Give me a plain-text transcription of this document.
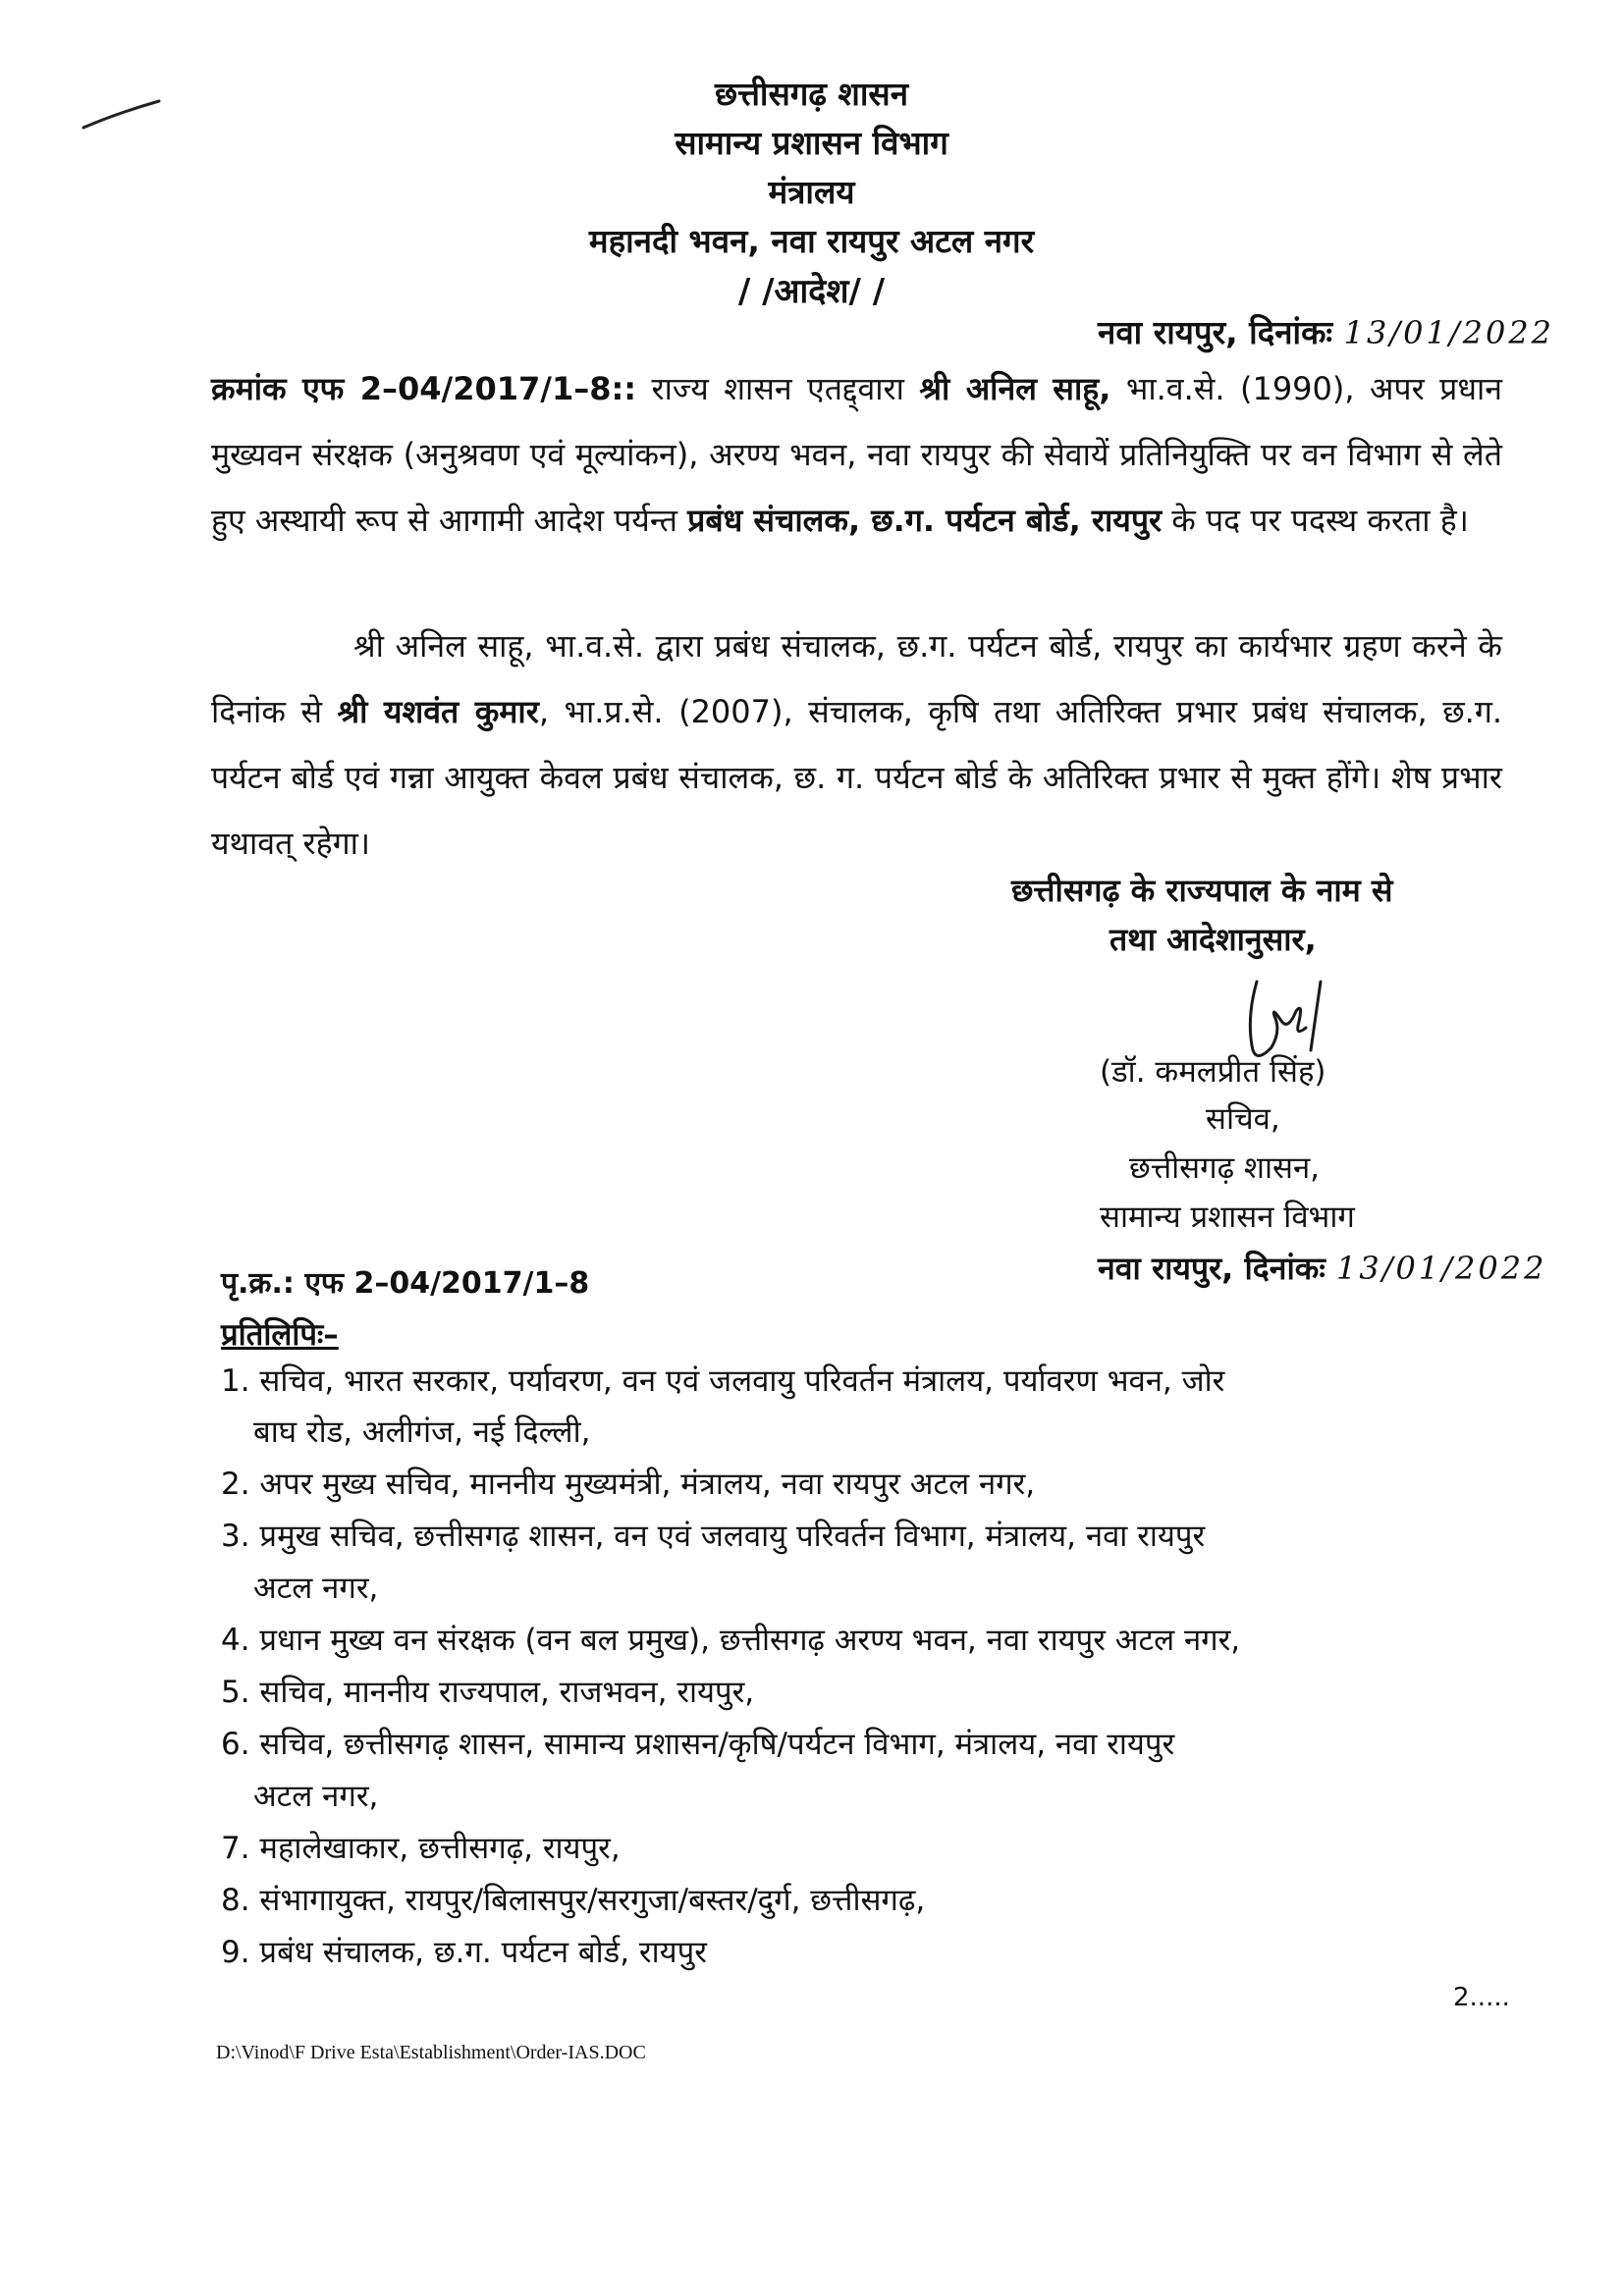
छत्तीसगढ़ शासन
सामान्य प्रशासन विभाग
मंत्रालय
महानदी भवन, नवा रायपुर अटल नगर
/ /आदेश/ /
नवा रायपुर, दिनांकः 13/01/2022
क्रमांक एफ 2–04/2017/1–8:: राज्य शासन एतद्द्वारा श्री अनिल साहू, भा.व.से. (1990), अपर प्रधान मुख्यवन संरक्षक (अनुश्रवण एवं मूल्यांकन), अरण्य भवन, नवा रायपुर की सेवायें प्रतिनियुक्ति पर वन विभाग से लेते हुए अस्थायी रूप से आगामी आदेश पर्यन्त प्रबंध संचालक, छ.ग. पर्यटन बोर्ड, रायपुर के पद पर पदस्थ करता है।
श्री अनिल साहू, भा.व.से. द्वारा प्रबंध संचालक, छ.ग. पर्यटन बोर्ड, रायपुर का कार्यभार ग्रहण करने के दिनांक से श्री यशवंत कुमार, भा.प्र.से. (2007), संचालक, कृषि तथा अतिरिक्त प्रभार प्रबंध संचालक, छ.ग. पर्यटन बोर्ड एवं गन्ना आयुक्त केवल प्रबंध संचालक, छ. ग. पर्यटन बोर्ड के अतिरिक्त प्रभार से मुक्त होंगे। शेष प्रभार यथावत् रहेगा।
छत्तीसगढ़ के राज्यपाल के नाम से
तथा आदेशानुसार,
(डॉ. कमलप्रीत सिंह)
सचिव,
छत्तीसगढ़ शासन,
सामान्य प्रशासन विभाग
पृ.क्र.: एफ 2–04/2017/1–8	नवा रायपुर, दिनांकः 13/01/2022
प्रतिलिपिः–
1. सचिव, भारत सरकार, पर्यावरण, वन एवं जलवायु परिवर्तन मंत्रालय, पर्यावरण भवन, जोर
बाघ रोड, अलीगंज, नई दिल्ली,
2. अपर मुख्य सचिव, माननीय मुख्यमंत्री, मंत्रालय, नवा रायपुर अटल नगर,
3. प्रमुख सचिव, छत्तीसगढ़ शासन, वन एवं जलवायु परिवर्तन विभाग, मंत्रालय, नवा रायपुर
अटल नगर,
4. प्रधान मुख्य वन संरक्षक (वन बल प्रमुख), छत्तीसगढ़ अरण्य भवन, नवा रायपुर अटल नगर,
5. सचिव, माननीय राज्यपाल, राजभवन, रायपुर,
6. सचिव, छत्तीसगढ़ शासन, सामान्य प्रशासन/कृषि/पर्यटन विभाग, मंत्रालय, नवा रायपुर
अटल नगर,
7. महालेखाकार, छत्तीसगढ़, रायपुर,
8. संभागायुक्त, रायपुर/बिलासपुर/सरगुजा/बस्तर/दुर्ग, छत्तीसगढ़,
9. प्रबंध संचालक, छ.ग. पर्यटन बोर्ड, रायपुर
2.....
D:\Vinod\F Drive Esta\Establishment\Order-IAS.DOC
